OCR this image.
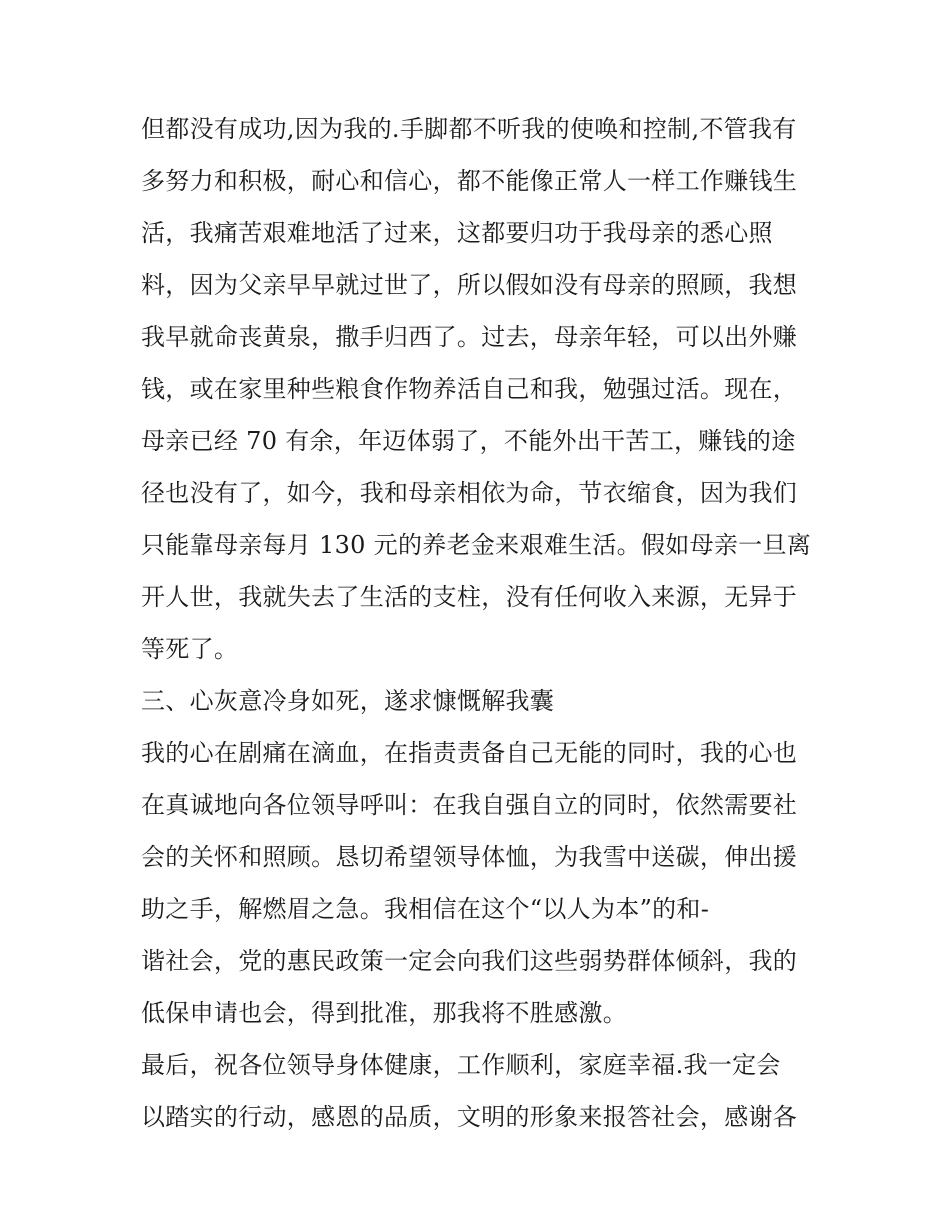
但都没有成功,因为我的.手脚都不听我的使唤和控制,不管我有
多努力和积极，耐心和信心，都不能像正常人一样工作赚钱生
活，我痛苦艰难地活了过来，这都要归功于我母亲的悉心照
料，因为父亲早早就过世了，所以假如没有母亲的照顾，我想
我早就命丧黄泉，撒手归西了。过去，母亲年轻，可以出外赚
钱，或在家里种些粮食作物养活自己和我，勉强过活。现在，
母亲已经 70 有余，年迈体弱了，不能外出干苦工，赚钱的途
径也没有了，如今，我和母亲相依为命，节衣缩食，因为我们
只能靠母亲每月 130 元的养老金来艰难生活。假如母亲一旦离
开人世，我就失去了生活的支柱，没有任何收入来源，无异于
等死了。
三、心灰意冷身如死，遂求慷慨解我囊
我的心在剧痛在滴血，在指责责备自己无能的同时，我的心也
在真诚地向各位领导呼叫：在我自强自立的同时，依然需要社
会的关怀和照顾。恳切希望领导体恤，为我雪中送碳，伸出援
助之手，解燃眉之急。我相信在这个“以人为本”的和-
谐社会，党的惠民政策一定会向我们这些弱势群体倾斜，我的
低保申请也会，得到批准，那我将不胜感激。
最后，祝各位领导身体健康，工作顺利，家庭幸福.我一定会
以踏实的行动，感恩的品质，文明的形象来报答社会，感谢各
